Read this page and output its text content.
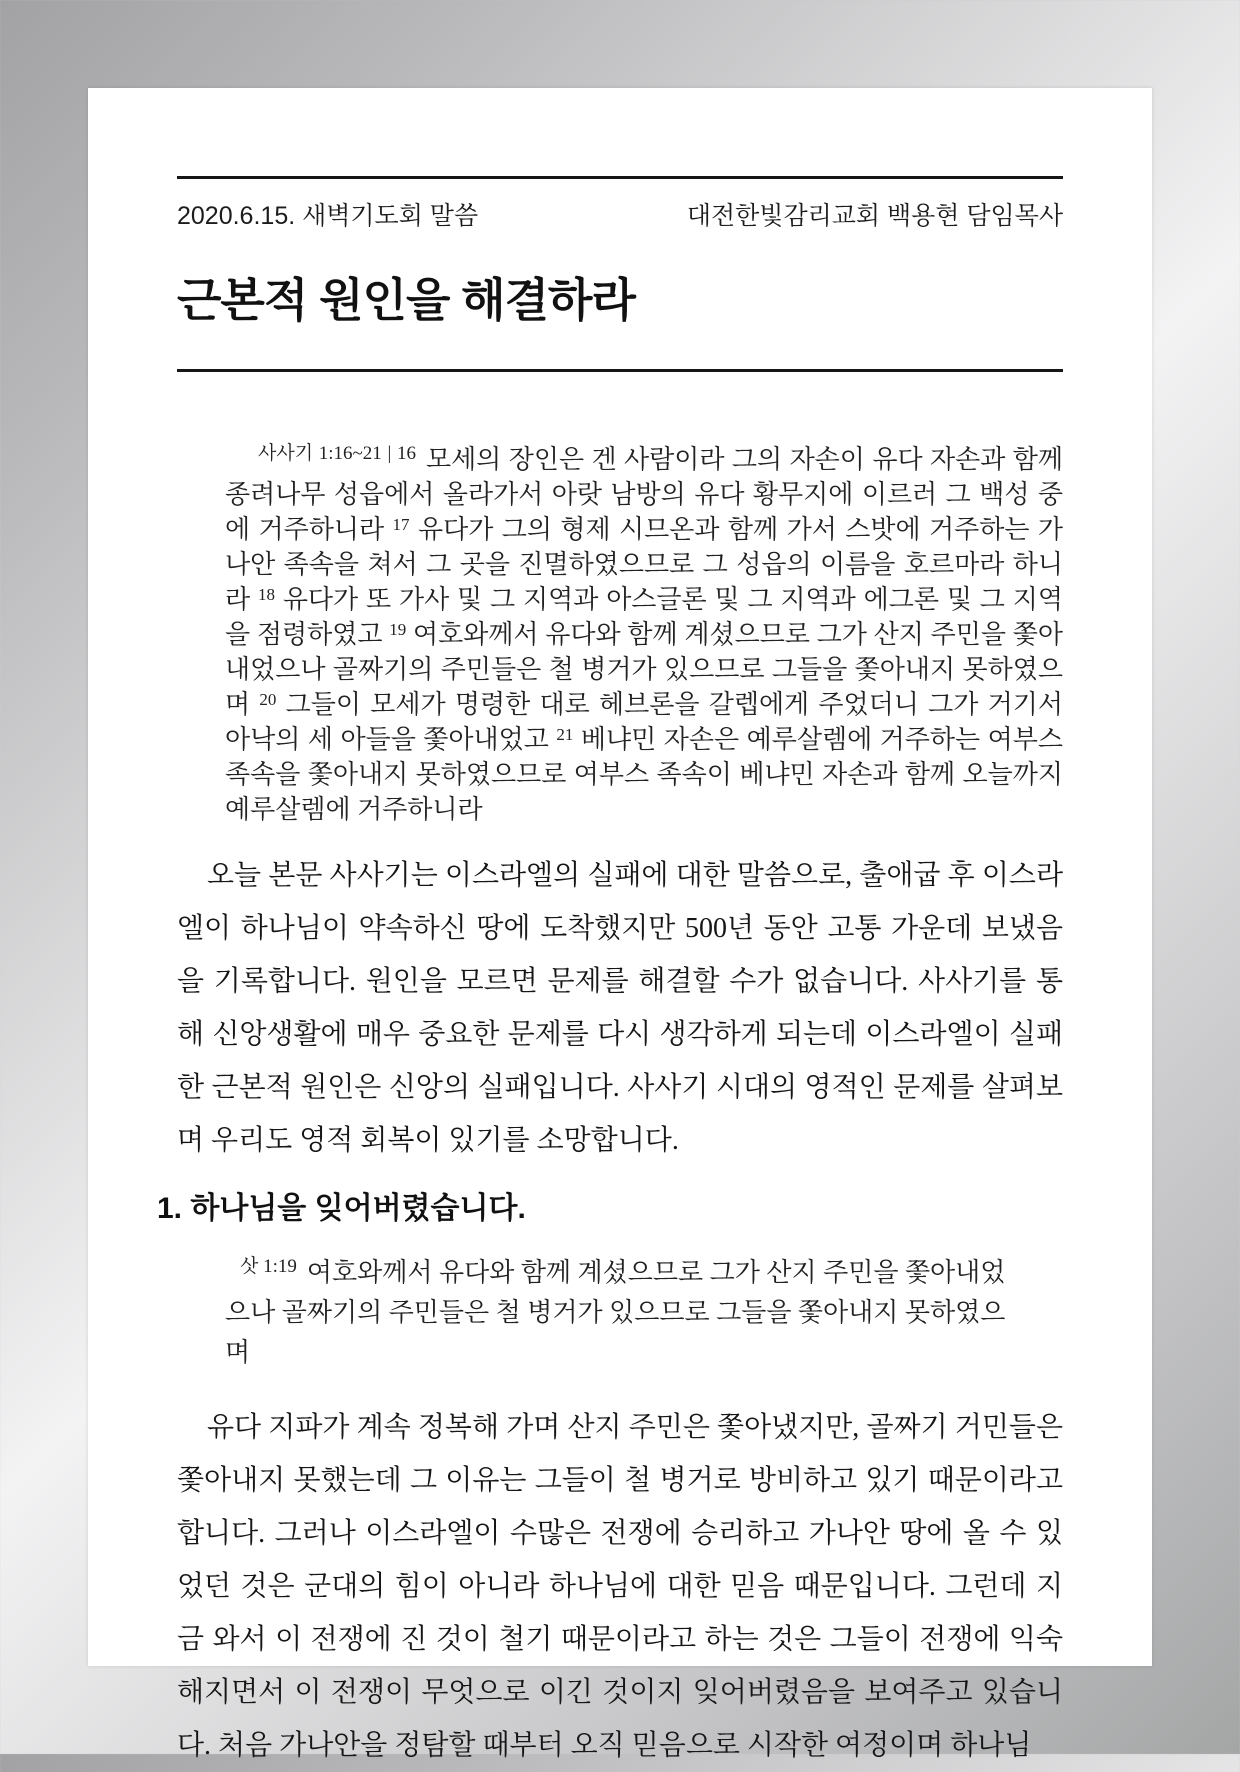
2020.6.15. 새벽기도회 말씀	대전한빛감리교회 백용현 담임목사
근본적 원인을 해결하라
$^{사사기 1:16\sim 21 | 16}$ 모세의 장인은 겐 사람이라 그의 자손이 유다 자손과 함께 종려나무 성읍에서 올라가서 아랏 남방의 유다 황무지에 이르러 그 백성 중에 거주하니라 $^{17}$ 유다가 그의 형제 시므온과 함께 가서 스밧에 거주하는 가나안 족속을 쳐서 그 곳을 진멸하였으므로 그 성읍의 이름을 호르마라 하니라 $^{18}$ 유다가 또 가사 및 그 지역과 아스글론 및 그 지역과 에그론 및 그 지역을 점령하였고 $^{19}$ 여호와께서 유다와 함께 계셨으므로 그가 산지 주민을 쫓아내었으나 골짜기의 주민들은 철 병거가 있으므로 그들을 쫓아내지 못하였으며 $^{20}$ 그들이 모세가 명령한 대로 헤브론을 갈렙에게 주었더니 그가 거기서 아낙의 세 아들을 쫓아내었고 $^{21}$ 베냐민 자손은 예루살렘에 거주하는 여부스 족속을 쫓아내지 못하였으므로 여부스 족속이 베냐민 자손과 함께 오늘까지 예루살렘에 거주하니라

오늘 본문 사사기는 이스라엘의 실패에 대한 말씀으로, 출애굽 후 이스라엘이 하나님이 약속하신 땅에 도착했지만 500년 동안 고통 가운데 보냈음을 기록합니다. 원인을 모르면 문제를 해결할 수가 없습니다. 사사기를 통해 신앙생활에 매우 중요한 문제를 다시 생각하게 되는데 이스라엘이 실패한 근본적 원인은 신앙의 실패입니다. 사사기 시대의 영적인 문제를 살펴보며 우리도 영적 회복이 있기를 소망합니다.

1. 하나님을 잊어버렸습니다.
$^{삿 1:19}$ 여호와께서 유다와 함께 계셨으므로 그가 산지 주민을 쫓아내었으나 골짜기의 주민들은 철 병거가 있으므로 그들을 쫓아내지 못하였으며

유다 지파가 계속 정복해 가며 산지 주민은 쫓아냈지만, 골짜기 거민들은 쫓아내지 못했는데 그 이유는 그들이 철 병거로 방비하고 있기 때문이라고 합니다. 그러나 이스라엘이 수많은 전쟁에 승리하고 가나안 땅에 올 수 있었던 것은 군대의 힘이 아니라 하나님에 대한 믿음 때문입니다. 그런데 지금 와서 이 전쟁에 진 것이 철기 때문이라고 하는 것은 그들이 전쟁에 익숙해지면서 이 전쟁이 무엇으로 이긴 것이지 잊어버렸음을 보여주고 있습니다. 처음 가나안을 정탐할 때부터 오직 믿음으로 시작한 여정이며 하나님
